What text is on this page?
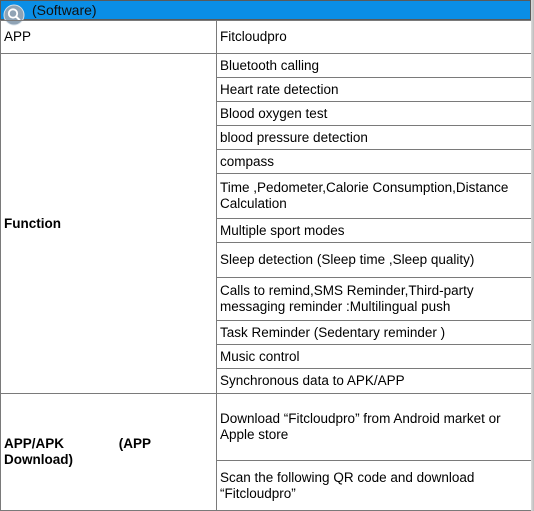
(Software)
APP	Fitcloudpro
Function	Bluetooth calling
	Heart rate detection
	Blood oxygen test
	blood pressure detection
	compass
	Time ,Pedometer,Calorie Consumption,Distance Calculation
	Multiple sport modes
	Sleep detection (Sleep time ,Sleep quality)
	Calls to remind,SMS Reminder,Third-party messaging reminder :Multilingual push
	Task Reminder (Sedentary reminder )
	Music control
	Synchronous data to APK/APP

APP/APK (APP
Download)	Download “Fitcloudpro” from Android market or Apple store
	Scan the following QR code and download “Fitcloudpro”
